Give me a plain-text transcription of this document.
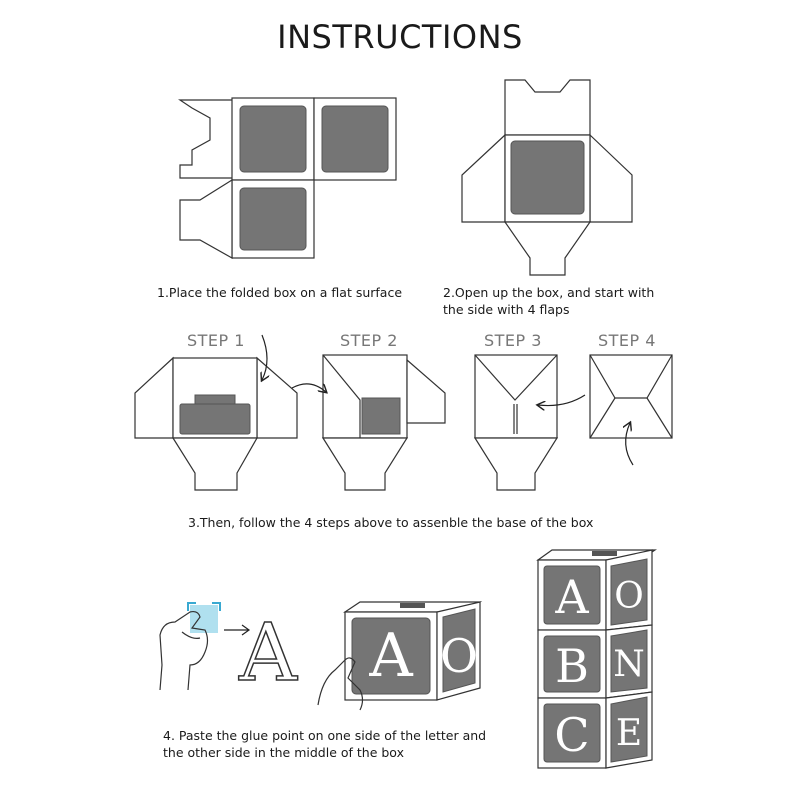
INSTRUCTIONS
A A O
A O
B N
C E
1.Place the folded box on a flat surface	2.Open up the box, and start with
the side with 4 flaps
STEP 1	STEP 2	STEP 3	STEP 4
3.Then, follow the 4 steps above to assenble the base of the box
4. Paste the glue point on one side of the letter and
the other side in the middle of the box
